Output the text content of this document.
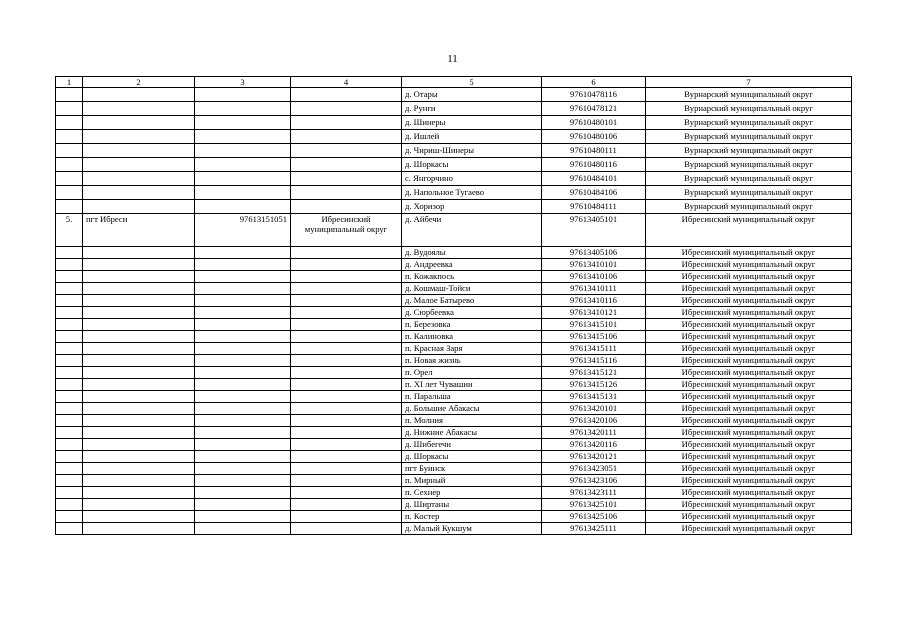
11
1	2	3	4	5	6	7
				д. Отары	97610478116	Вурнарский муниципальный округ
				д. Рунги	97610478121	Вурнарский муниципальный округ
				д. Шинеры	97610480101	Вурнарский муниципальный округ
				д. Ишлей	97610480106	Вурнарский муниципальный округ
				д. Чириш-Шинеры	97610480111	Вурнарский муниципальный округ
				д. Шоркасы	97610480116	Вурнарский муниципальный округ
				с. Янгорчино	97610484101	Вурнарский муниципальный округ
				д. Напольное Тугаево	97610484106	Вурнарский муниципальный округ
				д. Хоризор	97610484111	Вурнарский муниципальный округ
5.	пгт Ибреси	97613151051	Ибресинский муниципальный округ	д. Айбечи	97613405101	Ибресинский муниципальный округ
				д. Вудоялы	97613405106	Ибресинский муниципальный округ
				д. Андреевка	97613410101	Ибресинский муниципальный округ
				п. Кожакпось	97613410106	Ибресинский муниципальный округ
				д. Кошмаш-Тойси	97613410111	Ибресинский муниципальный округ
				д. Малое Батырево	97613410116	Ибресинский муниципальный округ
				д. Сюрбеевка	97613410121	Ибресинский муниципальный округ
				п. Березовка	97613415101	Ибресинский муниципальный округ
				п. Калиновка	97613415106	Ибресинский муниципальный округ
				п. Красная Заря	97613415111	Ибресинский муниципальный округ
				п. Новая жизнь	97613415116	Ибресинский муниципальный округ
				п. Орел	97613415121	Ибресинский муниципальный округ
				п. XI лет Чувашии	97613415126	Ибресинский муниципальный округ
				п. Паральша	97613415131	Ибресинский муниципальный округ
				д. Большие Абакасы	97613420101	Ибресинский муниципальный округ
				п. Молния	97613420106	Ибресинский муниципальный округ
				д. Нижние Абакасы	97613420111	Ибресинский муниципальный округ
				д. Шибегечи	97613420116	Ибресинский муниципальный округ
				д. Шоркасы	97613420121	Ибресинский муниципальный округ
				пгт Буинск	97613423051	Ибресинский муниципальный округ
				п. Мирный	97613423106	Ибресинский муниципальный округ
				п. Сехнер	97613423111	Ибресинский муниципальный округ
				д. Ширтаны	97613425101	Ибресинский муниципальный округ
				п. Костер	97613425106	Ибресинский муниципальный округ
				д. Малый Кукшум	97613425111	Ибресинский муниципальный округ
